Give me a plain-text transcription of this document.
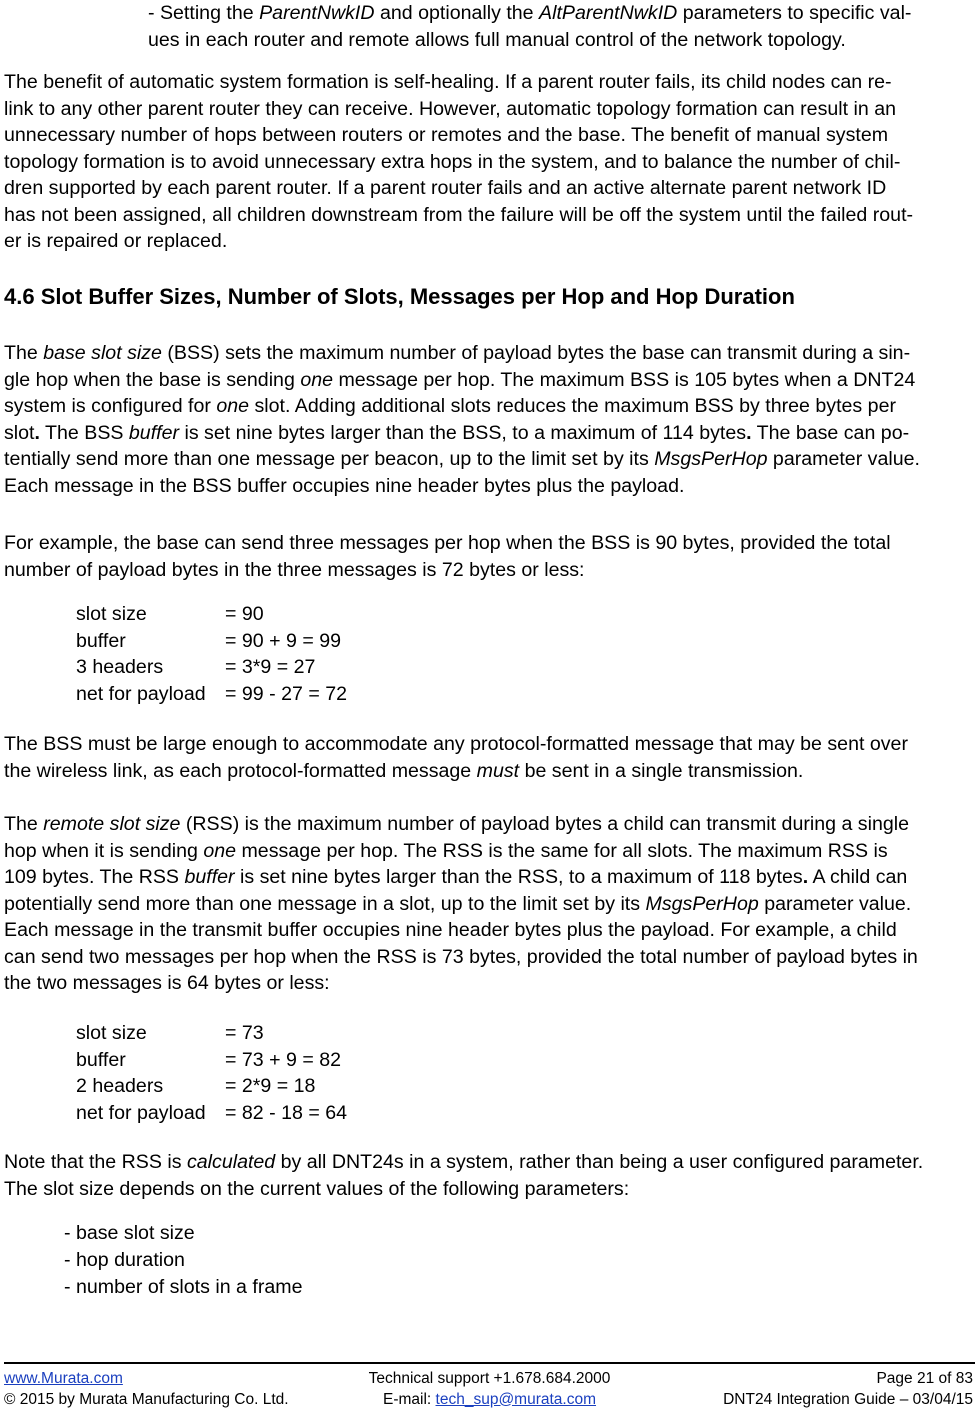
- Setting the ParentNwkID and optionally the AltParentNwkID parameters to specific val-
ues in each router and remote allows full manual control of the network topology.
The benefit of automatic system formation is self-healing. If a parent router fails, its child nodes can re-
link to any other parent router they can receive. However, automatic topology formation can result in an
unnecessary number of hops between routers or remotes and the base. The benefit of manual system
topology formation is to avoid unnecessary extra hops in the system, and to balance the number of chil-
dren supported by each parent router. If a parent router fails and an active alternate parent network ID
has not been assigned, all children downstream from the failure will be off the system until the failed rout-
er is repaired or replaced.
4.6 Slot Buffer Sizes, Number of Slots, Messages per Hop and Hop Duration
The base slot size (BSS) sets the maximum number of payload bytes the base can transmit during a sin-
gle hop when the base is sending one message per hop. The maximum BSS is 105 bytes when a DNT24
system is configured for one slot. Adding additional slots reduces the maximum BSS by three bytes per
slot. The BSS buffer is set nine bytes larger than the BSS, to a maximum of 114 bytes. The base can po-
tentially send more than one message per beacon, up to the limit set by its MsgsPerHop parameter value.
Each message in the BSS buffer occupies nine header bytes plus the payload.
For example, the base can send three messages per hop when the BSS is 90 bytes, provided the total
number of payload bytes in the three messages is 72 bytes or less:
slot size	= 90
buffer	= 90 + 9 = 99
3 headers	= 3*9 = 27
net for payload = 99 - 27 = 72
The BSS must be large enough to accommodate any protocol-formatted message that may be sent over
the wireless link, as each protocol-formatted message must be sent in a single transmission.
The remote slot size (RSS) is the maximum number of payload bytes a child can transmit during a single
hop when it is sending one message per hop. The RSS is the same for all slots. The maximum RSS is
109 bytes. The RSS buffer is set nine bytes larger than the RSS, to a maximum of 118 bytes. A child can
potentially send more than one message in a slot, up to the limit set by its MsgsPerHop parameter value.
Each message in the transmit buffer occupies nine header bytes plus the payload. For example, a child
can send two messages per hop when the RSS is 73 bytes, provided the total number of payload bytes in
the two messages is 64 bytes or less:
slot size	= 73
buffer	= 73 + 9 = 82
2 headers	= 2*9 = 18
net for payload = 82 - 18 = 64
Note that the RSS is calculated by all DNT24s in a system, rather than being a user configured parameter.
The slot size depends on the current values of the following parameters:
- base slot size
- hop duration
- number of slots in a frame
www.Murata.com
© 2015 by Murata Manufacturing Co. Ltd.
Technical support +1.678.684.2000
E-mail: tech_sup@murata.com
Page 21 of 83
DNT24 Integration Guide – 03/04/15
